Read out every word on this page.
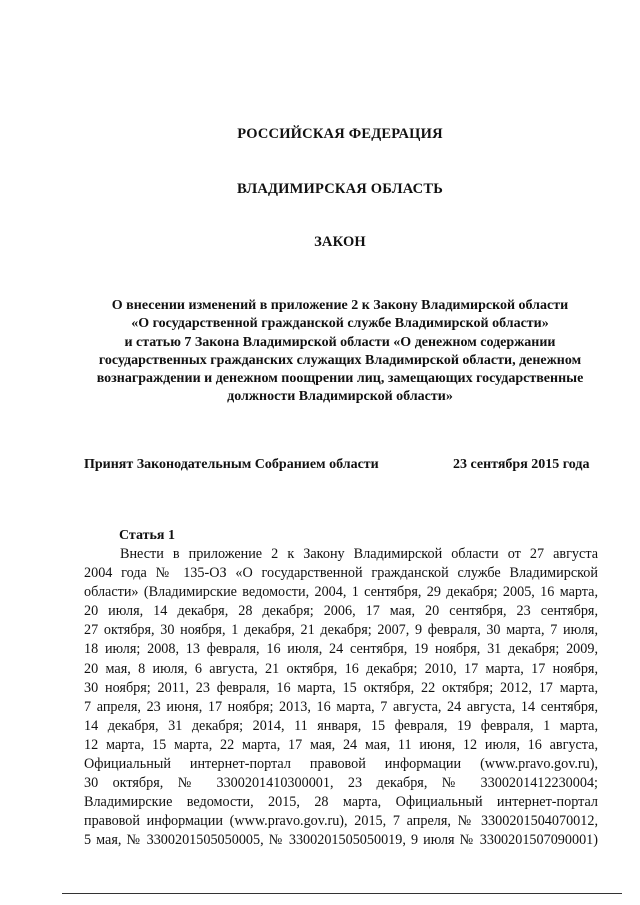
РОССИЙСКАЯ ФЕДЕРАЦИЯ
ВЛАДИМИРСКАЯ ОБЛАСТЬ
ЗАКОН
О внесении изменений в приложение 2 к Закону Владимирской области
«О государственной гражданской службе Владимирской области»
и статью 7 Закона Владимирской области «О денежном содержании
государственных гражданских служащих Владимирской области, денежном
вознаграждении и денежном поощрении лиц, замещающих государственные
должности Владимирской области»
Принят Законодательным Собранием области	23 сентября 2015 года
Статья 1
Внести в приложение 2 к Закону Владимирской области от 27 августа
2004 года № 135-ОЗ «О государственной гражданской службе Владимирской
области» (Владимирские ведомости, 2004, 1 сентября, 29 декабря; 2005, 16 марта,
20 июля, 14 декабря, 28 декабря; 2006, 17 мая, 20 сентября, 23 сентября,
27 октября, 30 ноября, 1 декабря, 21 декабря; 2007, 9 февраля, 30 марта, 7 июля,
18 июля; 2008, 13 февраля, 16 июля, 24 сентября, 19 ноября, 31 декабря; 2009,
20 мая, 8 июля, 6 августа, 21 октября, 16 декабря; 2010, 17 марта, 17 ноября,
30 ноября; 2011, 23 февраля, 16 марта, 15 октября, 22 октября; 2012, 17 марта,
7 апреля, 23 июня, 17 ноября; 2013, 16 марта, 7 августа, 24 августа, 14 сентября,
14 декабря, 31 декабря; 2014, 11 января, 15 февраля, 19 февраля, 1 марта,
12 марта, 15 марта, 22 марта, 17 мая, 24 мая, 11 июня, 12 июля, 16 августа,
Официальный интернет-портал правовой информации (www.pravo.gov.ru),
30 октября, № 3300201410300001, 23 декабря, № 3300201412230004;
Владимирские ведомости, 2015, 28 марта, Официальный интернет-портал
правовой информации (www.pravo.gov.ru), 2015, 7 апреля, № 3300201504070012,
5 мая, № 3300201505050005, № 3300201505050019, 9 июля № 3300201507090001)
